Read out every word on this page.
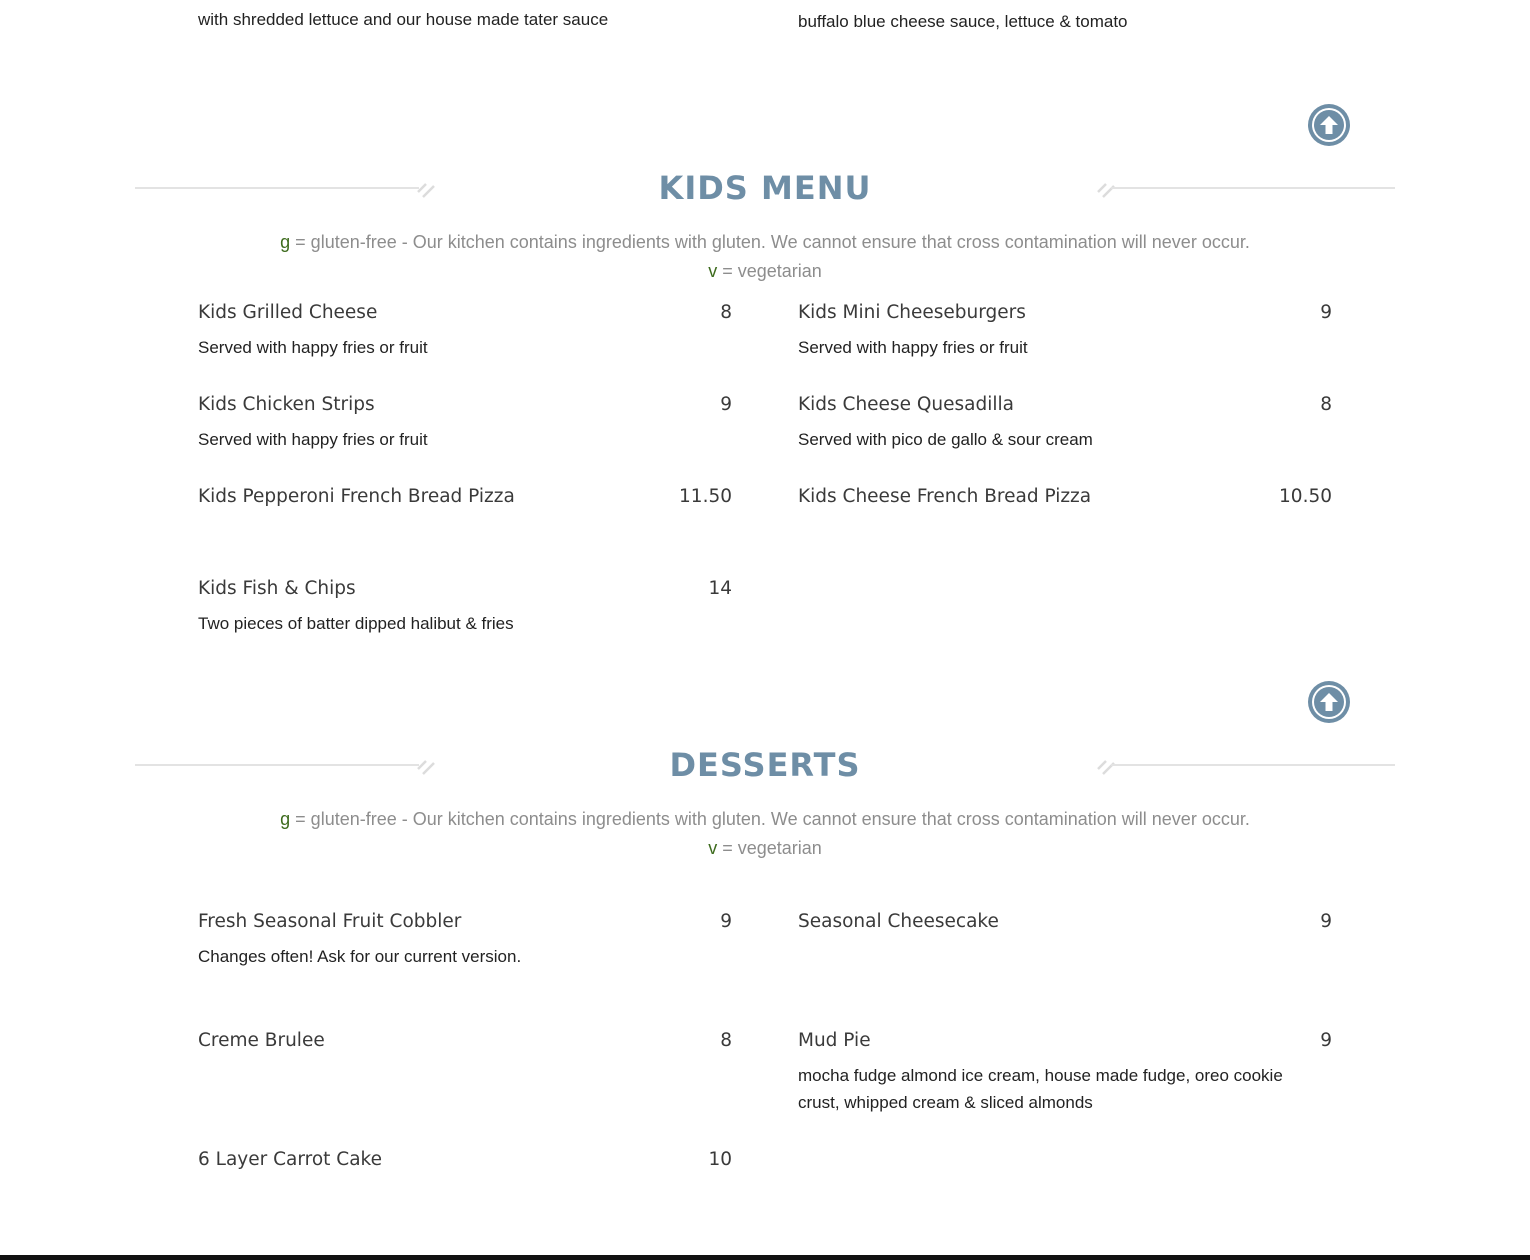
with shredded lettuce and our house made tater sauce	buffalo blue cheese sauce, lettuce & tomato
KIDS MENU
g = gluten-free - Our kitchen contains ingredients with gluten. We cannot ensure that cross contamination will never occur.
v = vegetarian
Kids Grilled Cheese	8
Served with happy fries or fruit
Kids Mini Cheeseburgers	9
Served with happy fries or fruit
Kids Chicken Strips	9
Served with happy fries or fruit
Kids Cheese Quesadilla	8
Served with pico de gallo & sour cream
Kids Pepperoni French Bread Pizza	11.50	Kids Cheese French Bread Pizza	10.50
Kids Fish & Chips	14
Two pieces of batter dipped halibut & fries
DESSERTS
g = gluten-free - Our kitchen contains ingredients with gluten. We cannot ensure that cross contamination will never occur.
v = vegetarian
Fresh Seasonal Fruit Cobbler	9
Changes often! Ask for our current version.
Seasonal Cheesecake	9
Creme Brulee	8	Mud Pie	9
mocha fudge almond ice cream, house made fudge, oreo cookie crust, whipped cream & sliced almonds
6 Layer Carrot Cake	10
